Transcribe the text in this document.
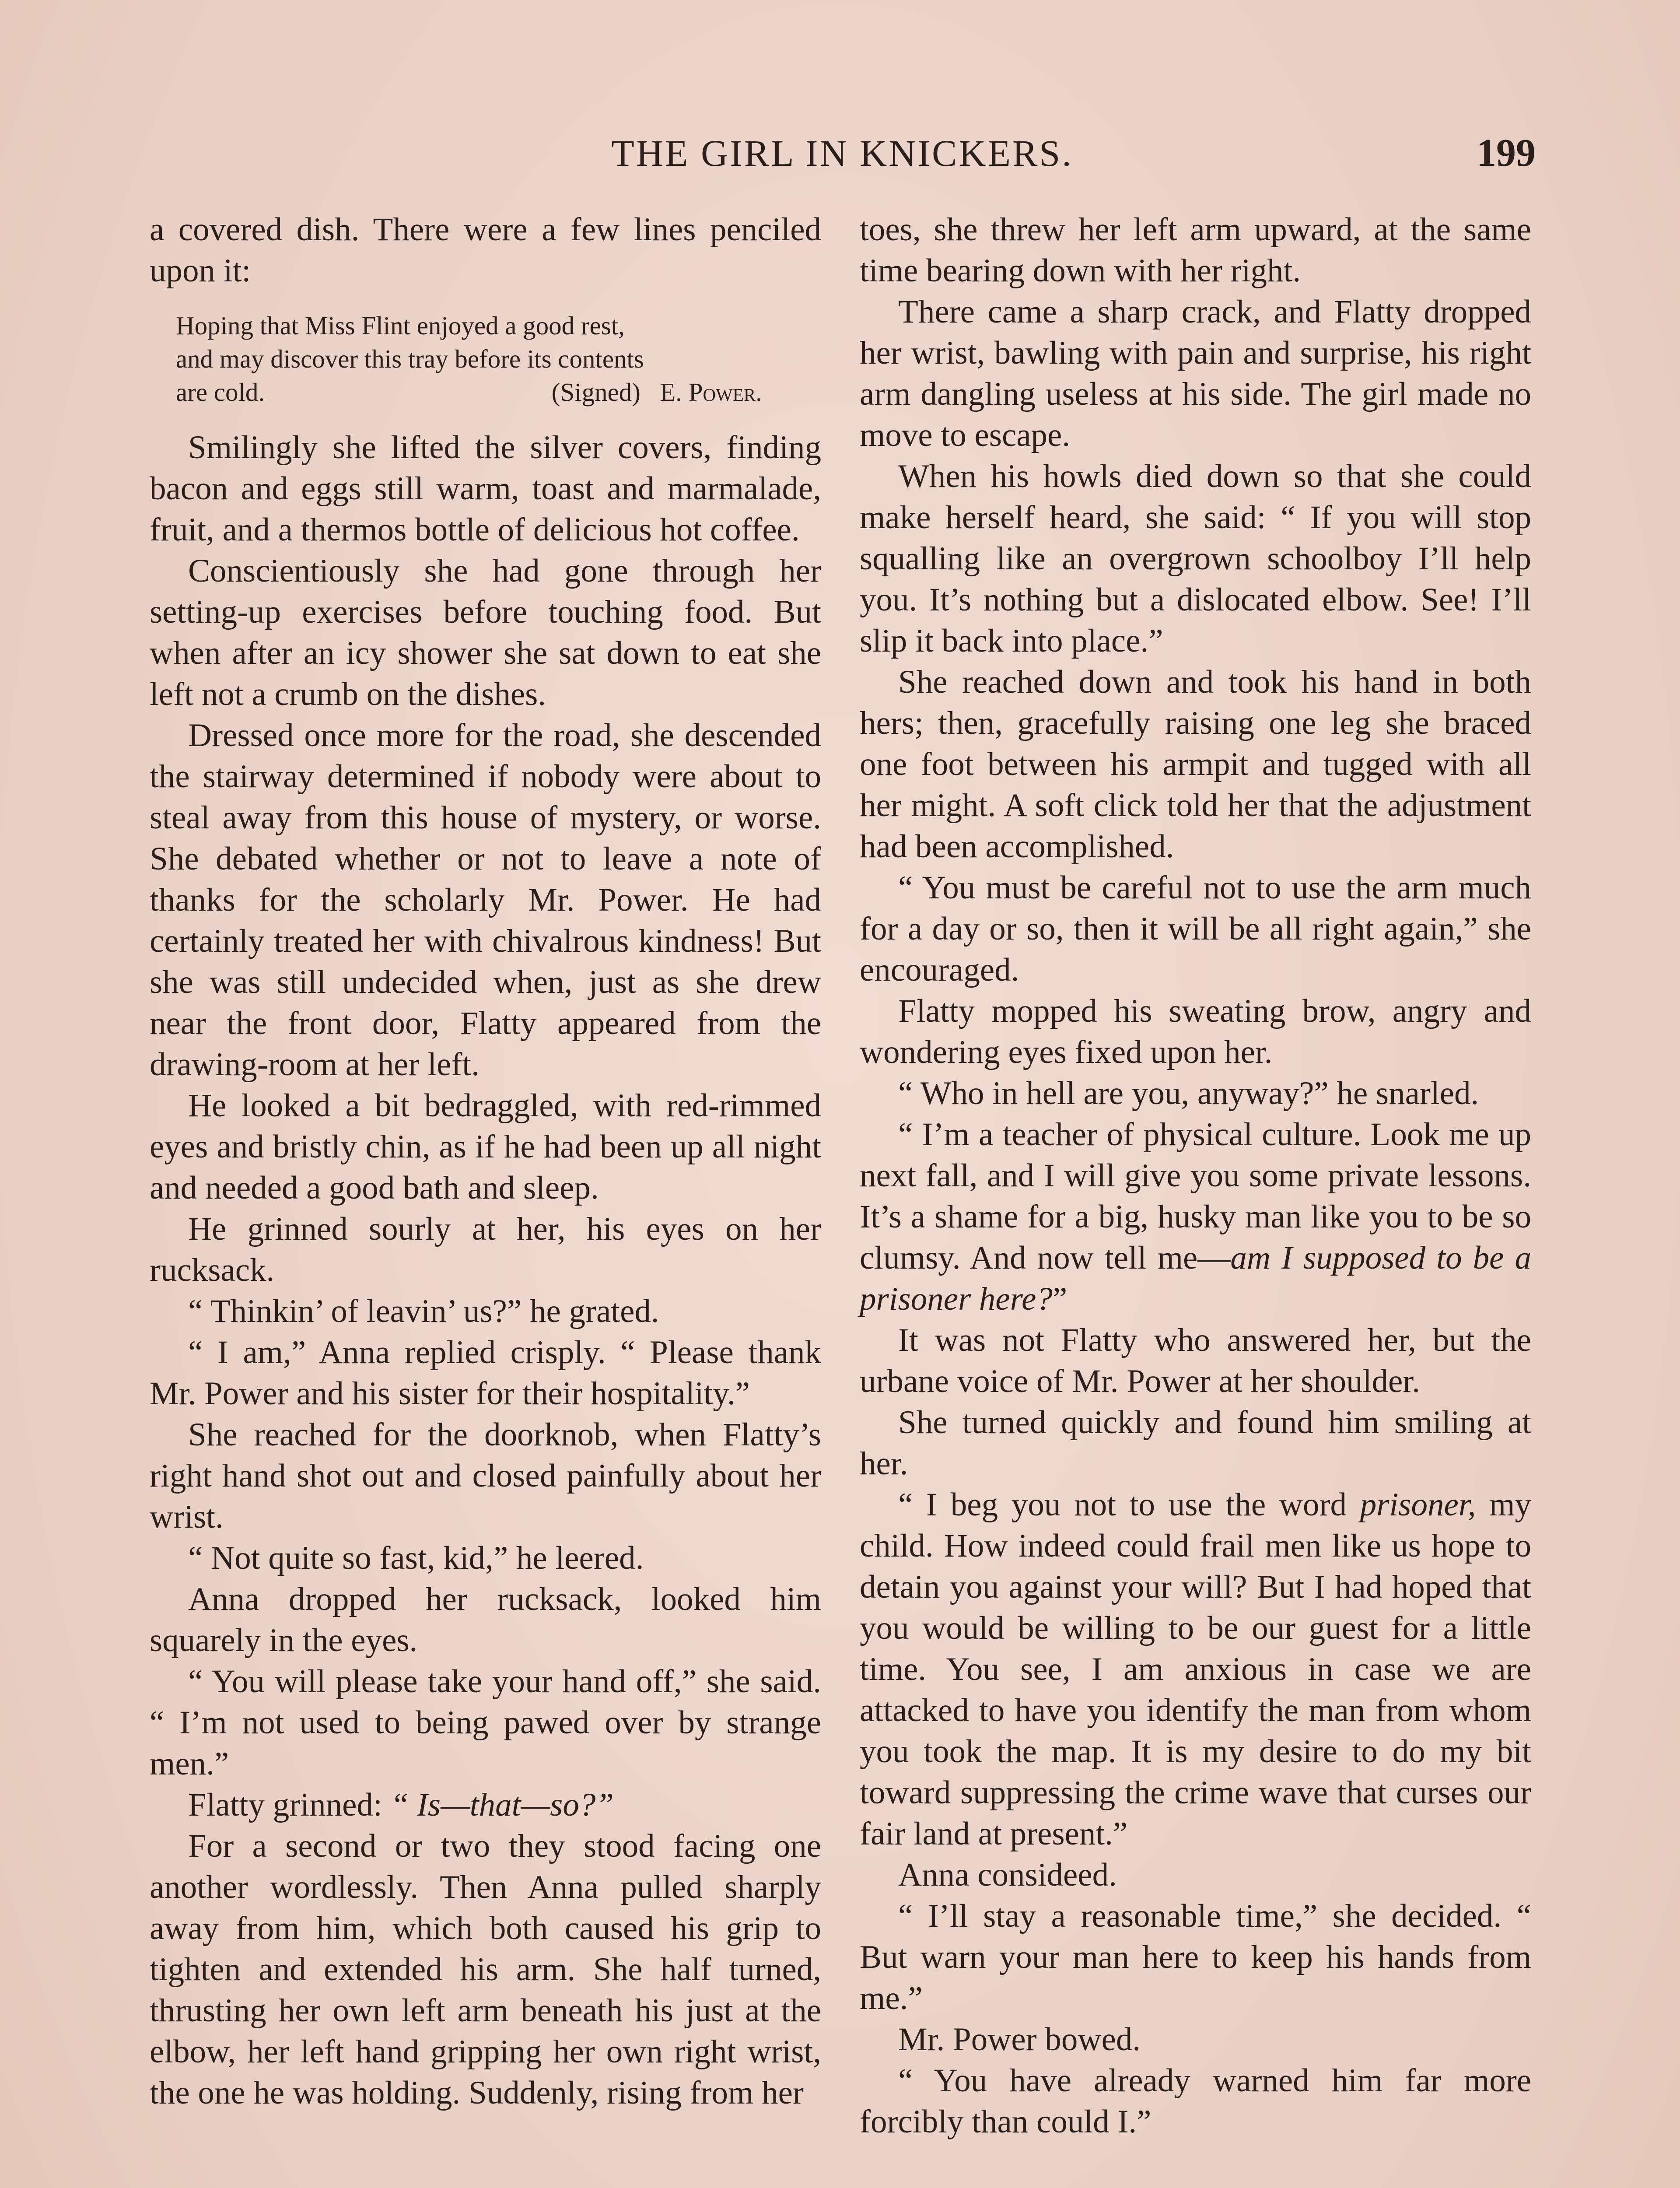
THE GIRL IN KNICKERS.	199

a covered dish. There were a few lines penciled upon it:

Hoping that Miss Flint enjoyed a good rest,
and may discover this tray before its contents
are cold.	(Signed) E. Power.

Smilingly she lifted the silver covers, finding bacon and eggs still warm, toast and marmalade, fruit, and a thermos bottle of delicious hot coffee.

Conscientiously she had gone through her setting-up exercises before touching food. But when after an icy shower she sat down to eat she left not a crumb on the dishes.

Dressed once more for the road, she descended the stairway determined if nobody were about to steal away from this house of mystery, or worse. She debated whether or not to leave a note of thanks for the scholarly Mr. Power. He had certainly treated her with chivalrous kindness! But she was still undecided when, just as she drew near the front door, Flatty appeared from the drawing-room at her left.

He looked a bit bedraggled, with red-rimmed eyes and bristly chin, as if he had been up all night and needed a good bath and sleep.

He grinned sourly at her, his eyes on her rucksack.

“ Thinkin’ of leavin’ us?” he grated.

“ I am,” Anna replied crisply. “ Please thank Mr. Power and his sister for their hospitality.”

She reached for the doorknob, when Flatty’s right hand shot out and closed painfully about her wrist.

“ Not quite so fast, kid,” he leered.

Anna dropped her rucksack, looked him squarely in the eyes.

“ You will please take your hand off,” she said. “ I’m not used to being pawed over by strange men.”

Flatty grinned: “ Is—that—so?”

For a second or two they stood facing one another wordlessly. Then Anna pulled sharply away from him, which both caused his grip to tighten and extended his arm. She half turned, thrusting her own left arm beneath his just at the elbow, her left hand gripping her own right wrist, the one he was holding. Suddenly, rising from her

toes, she threw her left arm upward, at the same time bearing down with her right.

There came a sharp crack, and Flatty dropped her wrist, bawling with pain and surprise, his right arm dangling useless at his side. The girl made no move to escape.

When his howls died down so that she could make herself heard, she said: “ If you will stop squalling like an overgrown schoolboy I’ll help you. It’s nothing but a dislocated elbow. See! I’ll slip it back into place.”

She reached down and took his hand in both hers; then, gracefully raising one leg she braced one foot between his armpit and tugged with all her might. A soft click told her that the adjustment had been accomplished.

“ You must be careful not to use the arm much for a day or so, then it will be all right again,” she encouraged.

Flatty mopped his sweating brow, angry and wondering eyes fixed upon her.

“ Who in hell are you, anyway?” he snarled.

“ I’m a teacher of physical culture. Look me up next fall, and I will give you some private lessons. It’s a shame for a big, husky man like you to be so clumsy. And now tell me—am I supposed to be a prisoner here?”

It was not Flatty who answered her, but the urbane voice of Mr. Power at her shoulder.

She turned quickly and found him smiling at her.

“ I beg you not to use the word prisoner, my child. How indeed could frail men like us hope to detain you against your will? But I had hoped that you would be willing to be our guest for a little time. You see, I am anxious in case we are attacked to have you identify the man from whom you took the map. It is my desire to do my bit toward suppressing the crime wave that curses our fair land at present.”

Anna consideed.

“ I’ll stay a reasonable time,” she decided. “ But warn your man here to keep his hands from me.”

Mr. Power bowed.

“ You have already warned him far more forcibly than could I.”
